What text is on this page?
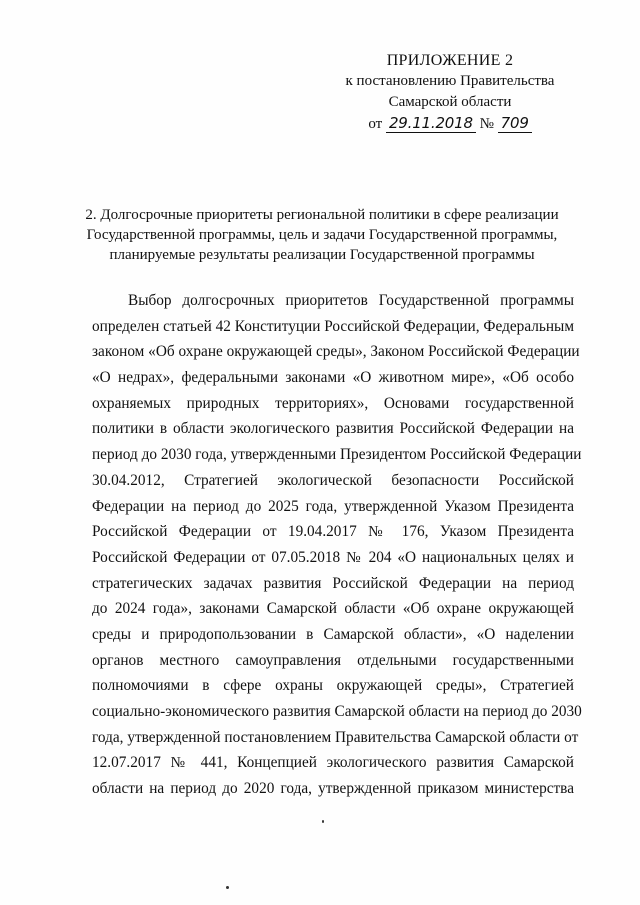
ПРИЛОЖЕНИЕ 2
к постановлению Правительства
Самарской области
от 29.11.2018 № 709
2. Долгосрочные приоритеты региональной политики в сфере реализации
Государственной программы, цель и задачи Государственной программы,
планируемые результаты реализации Государственной программы
Выбор долгосрочных приоритетов Государственной программы
определен статьей 42 Конституции Российской Федерации, Федеральным
законом «Об охране окружающей среды», Законом Российской Федерации
«О недрах», федеральными законами «О животном мире», «Об особо
охраняемых природных территориях», Основами государственной
политики в области экологического развития Российской Федерации на
период до 2030 года, утвержденными Президентом Российской Федерации
30.04.2012, Стратегией экологической безопасности Российской
Федерации на период до 2025 года, утвержденной Указом Президента
Российской Федерации от 19.04.2017 № 176, Указом Президента
Российской Федерации от 07.05.2018 № 204 «О национальных целях и
стратегических задачах развития Российской Федерации на период
до 2024 года», законами Самарской области «Об охране окружающей
среды и природопользовании в Самарской области», «О наделении
органов местного самоуправления отдельными государственными
полномочиями в сфере охраны окружающей среды», Стратегией
социально-экономического развития Самарской области на период до 2030
года, утвержденной постановлением Правительства Самарской области от
12.07.2017 № 441, Концепцией экологического развития Самарской
области на период до 2020 года, утвержденной приказом министерства
